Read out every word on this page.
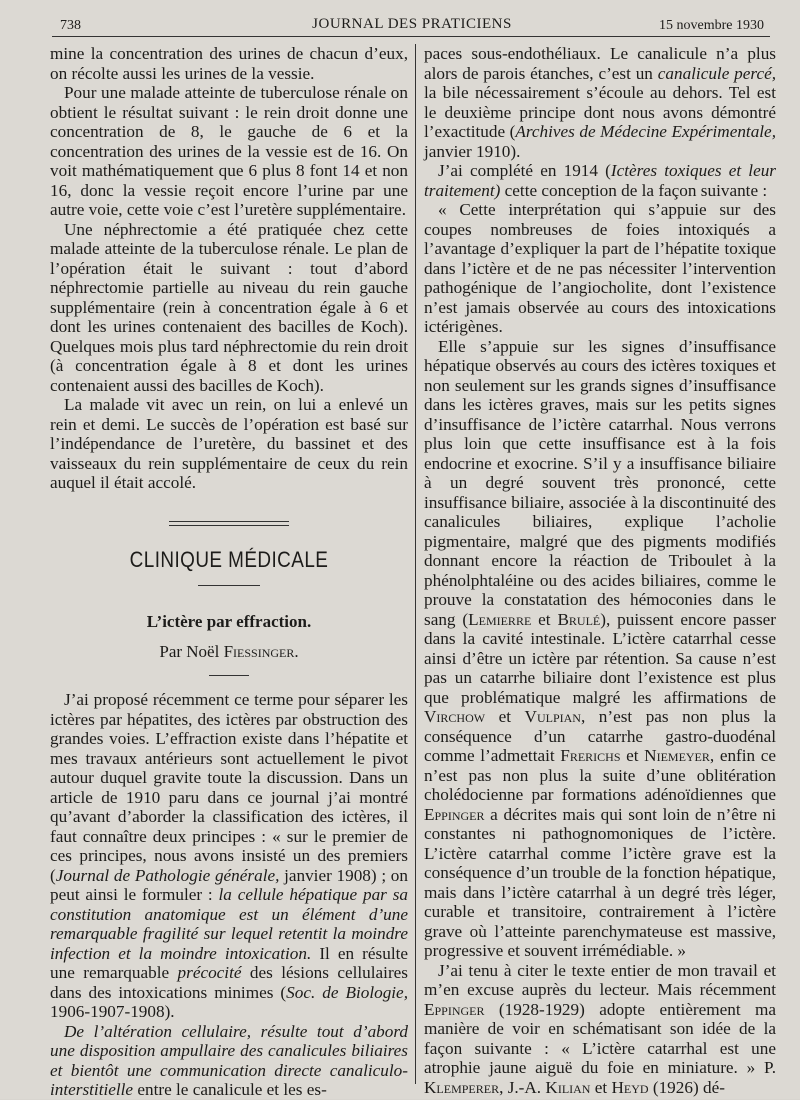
738	JOURNAL DES PRATICIENS	15 novembre 1930

mine la concentration des urines de chacun d’eux, on récolte aussi les urines de la vessie.

Pour une malade atteinte de tuberculose rénale on obtient le résultat suivant : le rein droit donne une concentration de 8, le gauche de 6 et la concentration des urines de la vessie est de 16. On voit mathématiquement que 6 plus 8 font 14 et non 16, donc la vessie reçoit encore l’urine par une autre voie, cette voie c’est l’uretère supplémentaire.

Une néphrectomie a été pratiquée chez cette malade atteinte de la tuberculose rénale. Le plan de l’opération était le suivant : tout d’abord néphrectomie partielle au niveau du rein gauche supplémentaire (rein à concentration égale à 6 et dont les urines contenaient des bacilles de Koch). Quelques mois plus tard néphrectomie du rein droit (à concentration égale à 8 et dont les urines contenaient aussi des bacilles de Koch).

La malade vit avec un rein, on lui a enlevé un rein et demi. Le succès de l’opération est basé sur l’indépendance de l’uretère, du bassinet et des vaisseaux du rein supplémentaire de ceux du rein auquel il était accolé.

CLINIQUE MÉDICALE
L’ictère par effraction.
Par Noël Fiessinger.

J’ai proposé récemment ce terme pour séparer les ictères par hépatites, des ictères par obstruction des grandes voies. L’effraction existe dans l’hépatite et mes travaux antérieurs sont actuellement le pivot autour duquel gravite toute la discussion. Dans un article de 1910 paru dans ce journal j’ai montré qu’avant d’aborder la classification des ictères, il faut connaître deux principes : « sur le premier de ces principes, nous avons insisté un des premiers (Journal de Pathologie générale, janvier 1908) ; on peut ainsi le formuler : la cellule hépatique par sa constitution anatomique est un élément d’une remarquable fragilité sur lequel retentit la moindre infection et la moindre intoxication. Il en résulte une remarquable précocité des lésions cellulaires dans des intoxications minimes (Soc. de Biologie, 1906-1907-1908).

De l’altération cellulaire, résulte tout d’abord une disposition ampullaire des canalicules biliaires et bientôt une communication directe canaliculo-interstitielle entre le canalicule et les es-

paces sous-endothéliaux. Le canalicule n’a plus alors de parois étanches, c’est un canalicule percé, la bile nécessairement s’écoule au dehors. Tel est le deuxième principe dont nous avons démontré l’exactitude (Archives de Médecine Expérimentale, janvier 1910).

J’ai complété en 1914 (Ictères toxiques et leur traitement) cette conception de la façon suivante :

« Cette interprétation qui s’appuie sur des coupes nombreuses de foies intoxiqués a l’avantage d’expliquer la part de l’hépatite toxique dans l’ictère et de ne pas nécessiter l’intervention pathogénique de l’angiocholite, dont l’existence n’est jamais observée au cours des intoxications ictérigènes.

Elle s’appuie sur les signes d’insuffisance hépatique observés au cours des ictères toxiques et non seulement sur les grands signes d’insuffisance dans les ictères graves, mais sur les petits signes d’insuffisance de l’ictère catarrhal. Nous verrons plus loin que cette insuffisance est à la fois endocrine et exocrine. S’il y a insuffisance biliaire à un degré souvent très prononcé, cette insuffisance biliaire, associée à la discontinuité des canalicules biliaires, explique l’acholie pigmentaire, malgré que des pigments modifiés donnant encore la réaction de Triboulet à la phénolphtaléine ou des acides biliaires, comme le prouve la constatation des hémoconies dans le sang (Lemierre et Brulé), puissent encore passer dans la cavité intestinale. L’ictère catarrhal cesse ainsi d’être un ictère par rétention. Sa cause n’est pas un catarrhe biliaire dont l’existence est plus que problématique malgré les affirmations de Virchow et Vulpian, n’est pas non plus la conséquence d’un catarrhe gastro-duodénal comme l’admettait Frerichs et Niemeyer, enfin ce n’est pas non plus la suite d’une oblitération cholédocienne par formations adénoïdiennes que Eppinger a décrites mais qui sont loin de n’être ni constantes ni pathognomoniques de l’ictère. L’ictère catarrhal comme l’ictère grave est la conséquence d’un trouble de la fonction hépatique, mais dans l’ictère catarrhal à un degré très léger, curable et transitoire, contrairement à l’ictère grave où l’atteinte parenchymateuse est massive, progressive et souvent irrémédiable. »

J’ai tenu à citer le texte entier de mon travail et m’en excuse auprès du lecteur. Mais récemment Eppinger (1928-1929) adopte entièrement ma manière de voir en schématisant son idée de la façon suivante : « L’ictère catarrhal est une atrophie jaune aiguë du foie en miniature. » P. Klemperer, J.-A. Kilian et Heyd (1926) dé-
